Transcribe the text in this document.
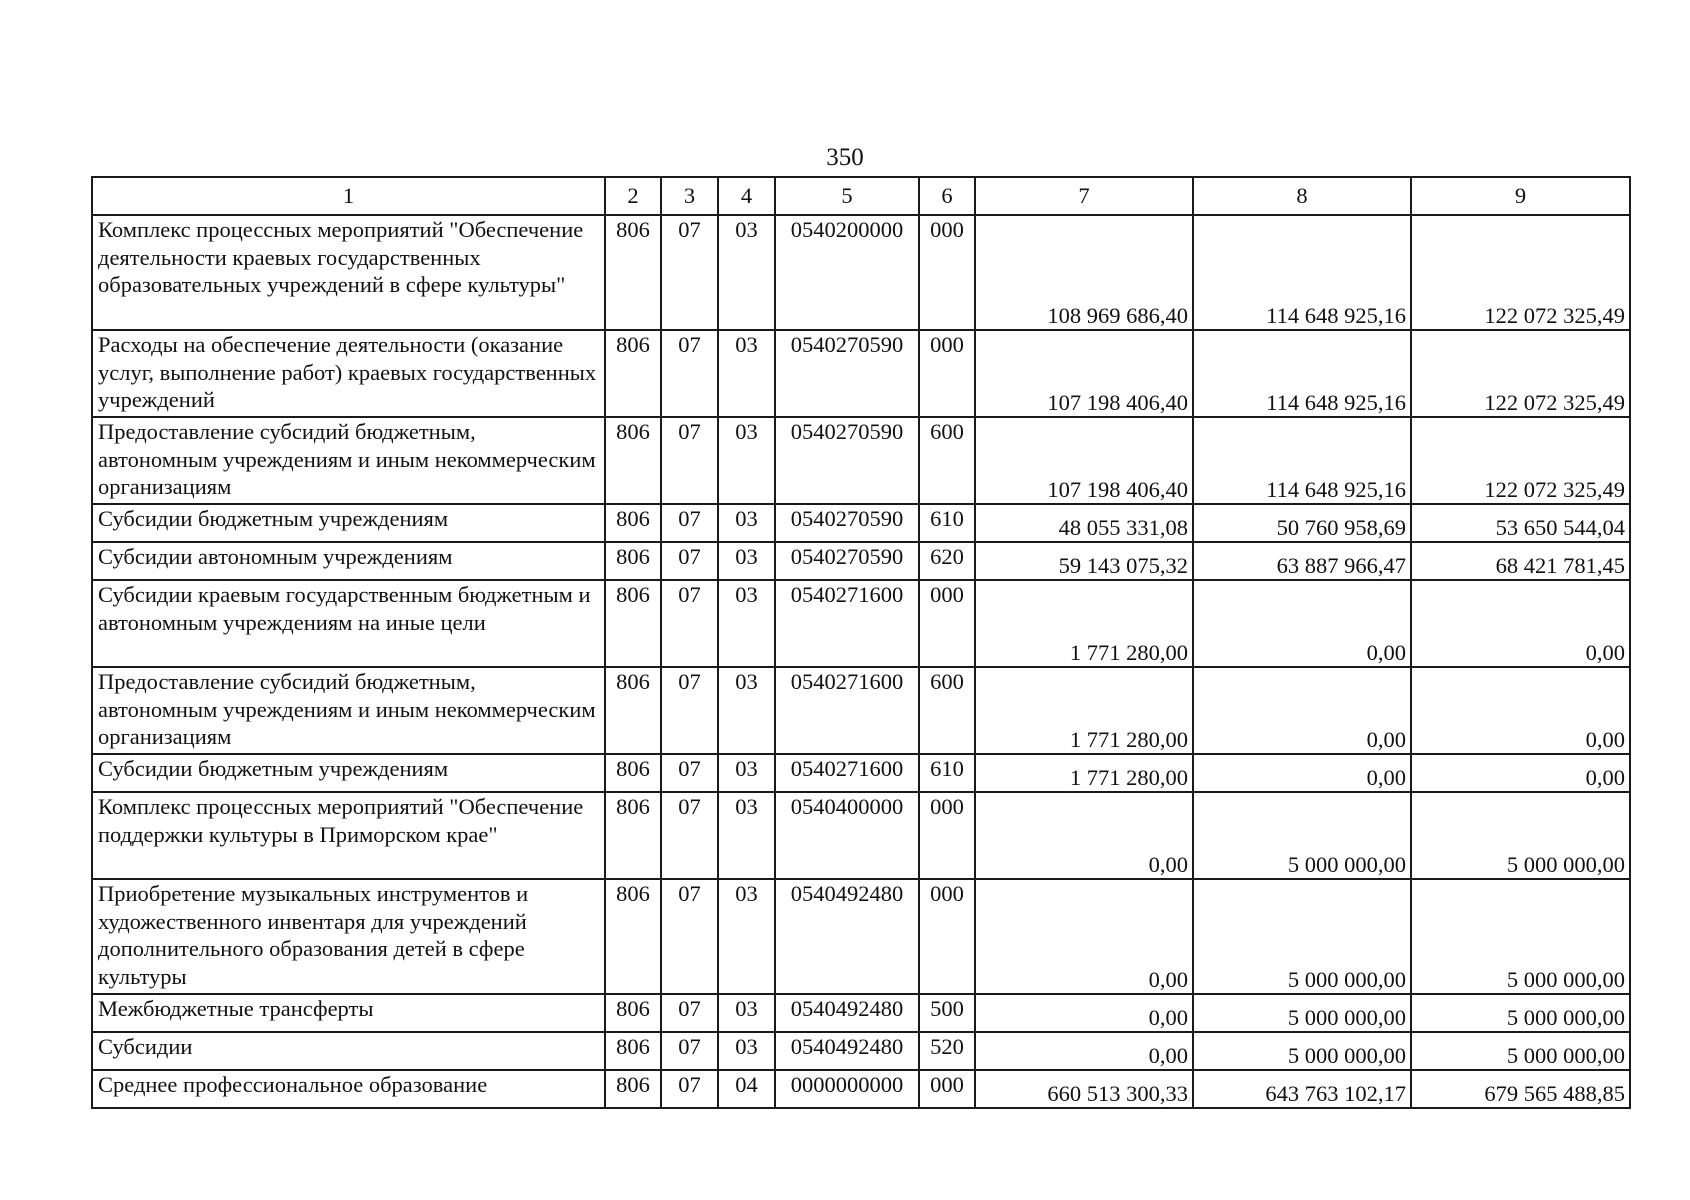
350
1	2	3	4	5	6	7	8	9
Комплекс процессных мероприятий "Обеспечение деятельности краевых государственных образовательных учреждений в сфере культуры"	806	07	03	0540200000	000	108 969 686,40	114 648 925,16	122 072 325,49
Расходы на обеспечение деятельности (оказание услуг, выполнение работ) краевых государственных учреждений	806	07	03	0540270590	000	107 198 406,40	114 648 925,16	122 072 325,49
Предоставление субсидий бюджетным, автономным учреждениям и иным некоммерческим организациям	806	07	03	0540270590	600	107 198 406,40	114 648 925,16	122 072 325,49
Субсидии бюджетным учреждениям	806	07	03	0540270590	610	48 055 331,08	50 760 958,69	53 650 544,04
Субсидии автономным учреждениям	806	07	03	0540270590	620	59 143 075,32	63 887 966,47	68 421 781,45
Субсидии краевым государственным бюджетным и автономным учреждениям на иные цели	806	07	03	0540271600	000	1 771 280,00	0,00	0,00
Предоставление субсидий бюджетным, автономным учреждениям и иным некоммерческим организациям	806	07	03	0540271600	600	1 771 280,00	0,00	0,00
Субсидии бюджетным учреждениям	806	07	03	0540271600	610	1 771 280,00	0,00	0,00
Комплекс процессных мероприятий "Обеспечение поддержки культуры в Приморском крае"	806	07	03	0540400000	000	0,00	5 000 000,00	5 000 000,00
Приобретение музыкальных инструментов и художественного инвентаря для учреждений дополнительного образования детей в сфере культуры	806	07	03	0540492480	000	0,00	5 000 000,00	5 000 000,00
Межбюджетные трансферты	806	07	03	0540492480	500	0,00	5 000 000,00	5 000 000,00
Субсидии	806	07	03	0540492480	520	0,00	5 000 000,00	5 000 000,00
Среднее профессиональное образование	806	07	04	0000000000	000	660 513 300,33	643 763 102,17	679 565 488,85
